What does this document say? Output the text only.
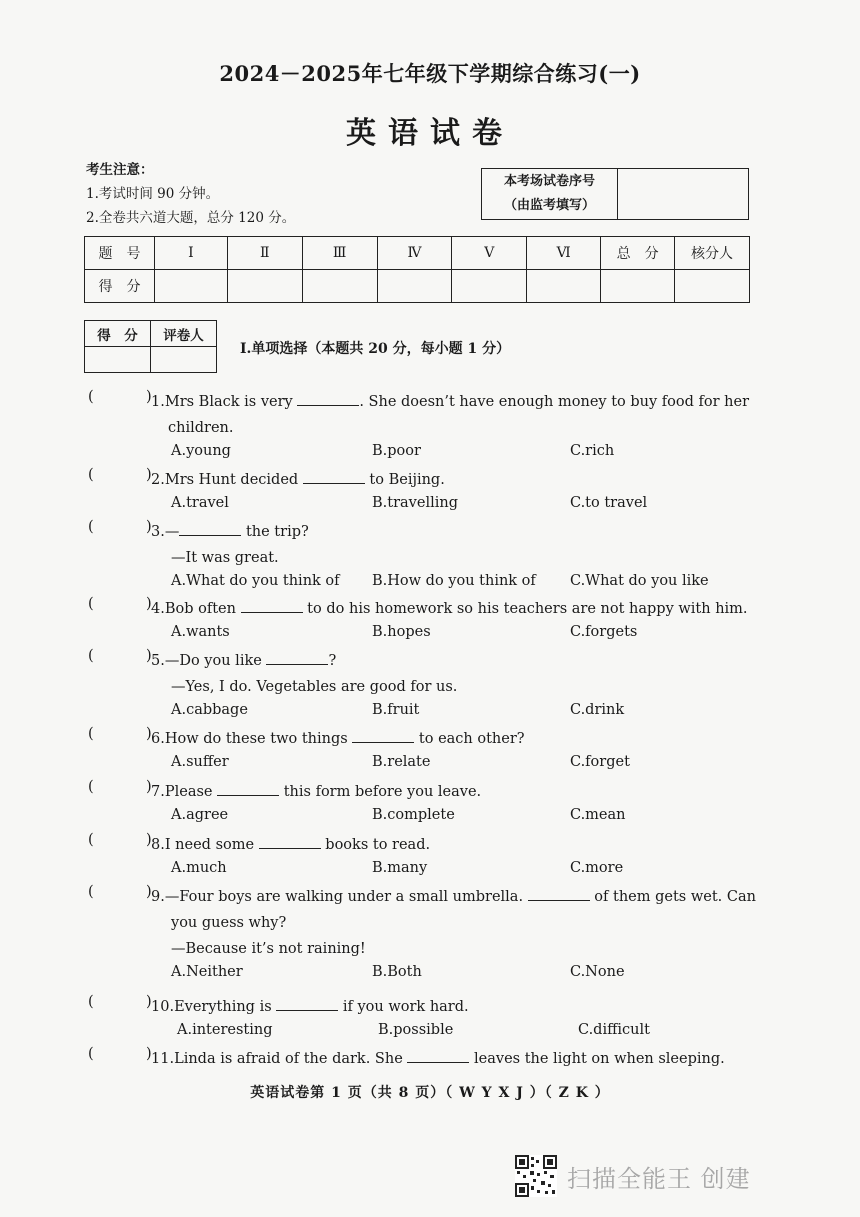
2024－2025年七年级下学期综合练习(一)
英语试卷
考生注意：
1.考试时间 90 分钟。
2.全卷共六道大题，总分 120 分。
本考场试卷序号
（由监考填写）
题　号	Ⅰ	Ⅱ	Ⅲ	Ⅳ	Ⅴ	Ⅵ	总　分	核分人
得　分								
得　分	评卷人

Ⅰ.单项选择（本题共 20 分，每小题 1 分）
(	) 1.Mrs Black is very	. She doesn’t have enough money to buy food for her
children.
A.young	B.poor	C.rich
(	) 2.Mrs Hunt decided	to Beijing.
A.travel	B.travelling	C.to travel
(	) 3.—	the trip?
—It was great.
A.What do you think of B.How do you think of C.What do you like
(	) 4.Bob often	to do his homework so his teachers are not happy with him.
A.wants	B.hopes	C.forgets
(	) 5.—Do you like	?
—Yes, I do. Vegetables are good for us.
A.cabbage	B.fruit	C.drink
(	) 6.How do these two things	to each other?
A.suffer	B.relate	C.forget
(	) 7.Please	this form before you leave.
A.agree	B.complete	C.mean
(	) 8.I need some	books to read.
A.much	B.many	C.more
(	) 9.—Four boys are walking under a small umbrella.	of them gets wet. Can
you guess why?
—Because it’s not raining!
A.Neither	B.Both	C.None
(	) 10.Everything is	if you work hard.
A.interesting	B.possible	C.difficult
(	) 11.Linda is afraid of the dark. She	leaves the light on when sleeping.
英语试卷第 1 页（共 8 页）（ W Y X J ）（ Z K ）
扫描全能王 创建
